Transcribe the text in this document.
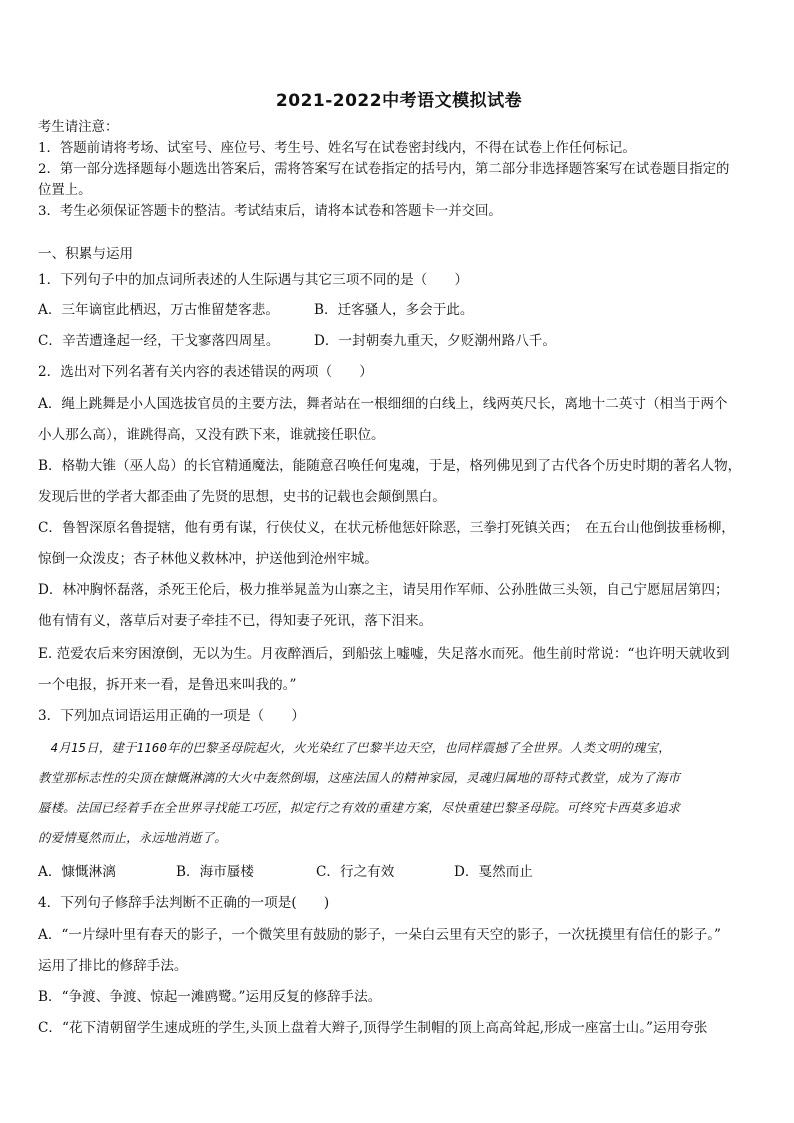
2021-2022中考语文模拟试卷
考生请注意：
1．答题前请将考场、试室号、座位号、考生号、姓名写在试卷密封线内，不得在试卷上作任何标记。
2．第一部分选择题每小题选出答案后，需将答案写在试卷指定的括号内，第二部分非选择题答案写在试卷题目指定的
位置上。
3．考生必须保证答题卡的整洁。考试结束后，请将本试卷和答题卡一并交回。
一、积累与运用
1．下列句子中的加点词所表述的人生际遇与其它三项不同的是（　　）
A．三年谪宦此栖迟，万古惟留楚客悲。	B．迁客骚人，多会于此。
C．辛苦遭逢起一经，干戈寥落四周星。	D．一封朝奏九重天，夕贬潮州路八千。
2．选出对下列名著有关内容的表述错误的两项（　　）
A．绳上跳舞是小人国选拔官员的主要方法，舞者站在一根细细的白线上，线两英尺长，离地十二英寸（相当于两个
小人那么高），谁跳得高，又没有跌下来，谁就接任职位。
B．格勒大锥（巫人岛）的长官精通魔法，能随意召唤任何鬼魂，于是，格列佛见到了古代各个历史时期的著名人物，
发现后世的学者大都歪曲了先贤的思想，史书的记载也会颠倒黑白。
C．鲁智深原名鲁提辖，他有勇有谋，行侠仗义，在状元桥他惩奸除恶，三拳打死镇关西；　在五台山他倒拔垂杨柳，
惊倒一众泼皮；杏子林他义救林冲，护送他到沧州牢城。
D．林冲胸怀磊落，杀死王伦后，极力推举晁盖为山寨之主，请吴用作军师、公孙胜做三头领，自己宁愿屈居第四；
他有情有义，落草后对妻子牵挂不已，得知妻子死讯，落下泪来。
E. 范爱农后来穷困潦倒，无以为生。月夜醉酒后，到船弦上嘘嘘，失足落水而死。他生前时常说：“也许明天就收到
一个电报，拆开来一看，是鲁迅来叫我的。”
3．下列加点词语运用正确的一项是（　　）
　4月15日，建于1160年的巴黎圣母院起火，火光染红了巴黎半边天空，也同样震撼了全世界。人类文明的瑰宝，
教堂那标志性的尖顶在慷慨淋漓的大火中轰然倒塌，这座法国人的精神家园，灵魂归属地的哥特式教堂，成为了海市
蜃楼。法国已经着手在全世界寻找能工巧匠，拟定行之有效的重建方案，尽快重建巴黎圣母院。可终究卡西莫多追求
的爱情戛然而止，永远地消逝了。
A．慷慨淋漓	B．海市蜃楼	C．行之有效	D．戛然而止
4．下列句子修辞手法判断不正确的一项是(　　)
A．“一片绿叶里有春天的影子，一个微笑里有鼓励的影子，一朵白云里有天空的影子，一次抚摸里有信任的影子。”
运用了排比的修辞手法。
B．“争渡、争渡、惊起一滩鸥鹭。”运用反复的修辞手法。
C．“花下清朝留学生速成班的学生,头顶上盘着大辫子,顶得学生制帽的顶上高高耸起,形成一座富士山。”运用夸张
